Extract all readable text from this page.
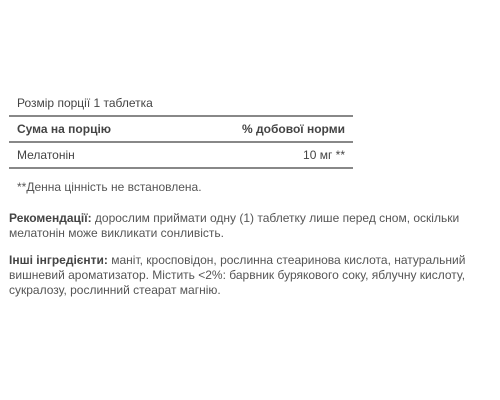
Розмір порції 1 таблетка
Сума на порцію	% добової норми
Мелатонін	10 мг **
**Денна цінність не встановлена.
Рекомендації: дорослим приймати одну (1) таблетку лише перед сном, оскільки мелатонін може викликати сонливість.
Інші інгредієнти: маніт, кросповідон, рослинна стеаринова кислота, натуральний вишневий ароматизатор. Містить <2%: барвник бурякового соку, яблучну кислоту, сукралозу, рослинний стеарат магнію.
